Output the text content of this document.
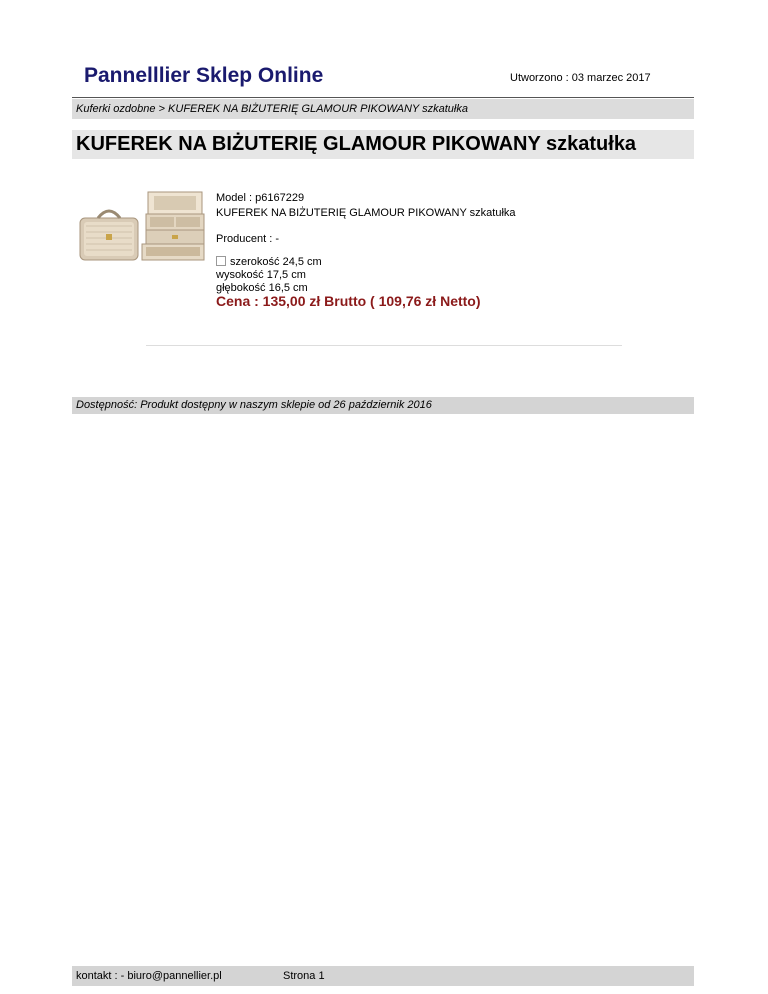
Pannelllier Sklep Online	Utworzono : 03 marzec 2017
Kuferki ozdobne > KUFEREK NA BIŻUTERIĘ GLAMOUR PIKOWANY szkatułka
KUFEREK NA BIŻUTERIĘ GLAMOUR PIKOWANY szkatułka
Model : p6167229
KUFEREK NA BIŻUTERIĘ GLAMOUR PIKOWANY szkatułka
Producent : -
szerokość 24,5 cm
wysokość 17,5 cm
głębokość 16,5 cm
Cena : 135,00 zł Brutto ( 109,76 zł Netto)
Dostępność: Produkt dostępny w naszym sklepie od 26 październik 2016
kontakt : - biuro@pannellier.pl	Strona 1
